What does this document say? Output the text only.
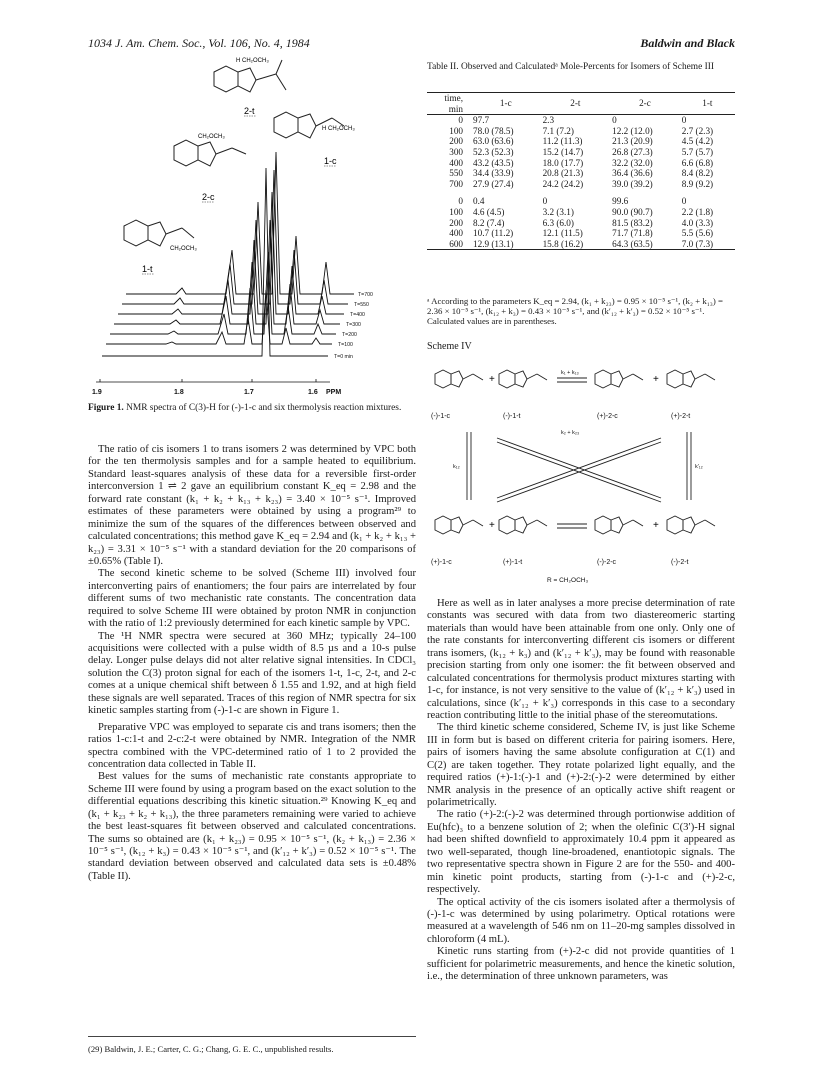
1034 J. Am. Chem. Soc., Vol. 106, No. 4, 1984	Baldwin and Black
H CH₂OCH₃
2-t
H CH₂OCH₃
1-c
CH₂OCH₃
2-c
CH₂OCH₃
1-t
T=700
T=550
T=400
T=300
T=200
T=100
T=0 min
1.9	1.8	1.7	1.6 PPM
Figure 1. NMR spectra of C(3)-H for (-)-1-c and six thermolysis reaction mixtures.

The ratio of cis isomers 1 to trans isomers 2 was determined by VPC both for the ten thermolysis samples and for a sample heated to equilibrium. Standard least-squares analysis of these data for a reversible first-order interconversion 1 ⇌ 2 gave an equilibrium constant K_eq = 2.98 and the forward rate constant (k₁ + k₂ + k₁₃ + k₂₃) = 3.40 × 10⁻⁵ s⁻¹. Improved estimates of these parameters were obtained by using a program²⁹ to minimize the sum of the squares of the differences between observed and calculated concentrations; this method gave K_eq = 2.94 and (k₁ + k₂ + k₁₃ + k₂₃) = 3.31 × 10⁻⁵ s⁻¹ with a standard deviation for the 20 comparisons of ±0.65% (Table I).

The second kinetic scheme to be solved (Scheme III) involved four interconverting pairs of enantiomers; the four pairs are interrelated by four different sums of two mechanistic rate constants. The concentration data required to solve Scheme III were obtained by proton NMR in conjunction with the ratio of 1:2 previously determined for each kinetic sample by VPC.

The ¹H NMR spectra were secured at 360 MHz; typically 24–100 acquisitions were collected with a pulse width of 8.5 µs and a 10-s pulse delay. Longer pulse delays did not alter relative signal intensities. In CDCl₃ solution the C(3) proton signal for each of the isomers 1-t, 1-c, 2-t, and 2-c comes at a unique chemical shift between δ 1.55 and 1.92, and at high field these signals are well separated. Traces of this region of NMR spectra for six kinetic samples starting from (-)-1-c are shown in Figure 1.

Preparative VPC was employed to separate cis and trans isomers; then the ratios 1-c:1-t and 2-c:2-t were obtained by NMR. Integration of the NMR spectra combined with the VPC-determined ratio of 1 to 2 provided the concentration data collected in Table II.

Best values for the sums of mechanistic rate constants appropriate to Scheme III were found by using a program based on the exact solution to the differential equations describing this kinetic situation.²⁹ Knowing K_eq and (k₁ + k₂₃ + k₂ + k₁₃), the three parameters remaining were varied to achieve the best least-squares fit between observed and calculated concentrations. The sums so obtained are (k₁ + k₂₃) = 0.95 × 10⁻⁵ s⁻¹, (k₂ + k₁₃) = 2.36 × 10⁻⁵ s⁻¹, (k₁₂ + k₃) = 0.43 × 10⁻⁵ s⁻¹, and (k′₁₂ + k′₃) = 0.52 × 10⁻⁵ s⁻¹. The standard deviation between observed and calculated data sets is ±0.48% (Table II).

(29) Baldwin, J. E.; Carter, C. G.; Chang, G. E. C., unpublished results.
Table II. Observed and Calculatedᵃ Mole-Percents for Isomers of Scheme III
time, min	1-c	2-t	2-c	1-t
0	97.7	2.3	0	0
100	78.0 (78.5)	7.1 (7.2)	12.2 (12.0)	2.7 (2.3)
200	63.0 (63.6)	11.2 (11.3)	21.3 (20.9)	4.5 (4.2)
300	52.3 (52.3)	15.2 (14.7)	26.8 (27.3)	5.7 (5.7)
400	43.2 (43.5)	18.0 (17.7)	32.2 (32.0)	6.6 (6.8)
550	34.4 (33.9)	20.8 (21.3)	36.4 (36.6)	8.4 (8.2)
700	27.9 (27.4)	24.2 (24.2)	39.0 (39.2)	8.9 (9.2)

0	0.4	0	99.6	0
100	4.6 (4.5)	3.2 (3.1)	90.0 (90.7)	2.2 (1.8)
200	8.2 (7.4)	6.3 (6.0)	81.5 (83.2)	4.0 (3.3)
400	10.7 (11.2)	12.1 (11.5)	71.7 (71.8)	5.5 (5.6)
600	12.9 (13.1)	15.8 (16.2)	64.3 (63.5)	7.0 (7.3)
ᵃ According to the parameters K_eq = 2.94, (k₁ + k₂₃) = 0.95 × 10⁻⁵ s⁻¹, (k₂ + k₁₃) = 2.36 × 10⁻⁵ s⁻¹, (k₁₂ + k₃) = 0.43 × 10⁻⁵ s⁻¹, and (k′₁₂ + k′₃) = 0.52 × 10⁻⁵ s⁻¹. Calculated values are in parentheses.
Scheme IV
+	+
+	+
k₁ + k₁₃
k₂ + k₂₃
k₁₂	k′₁₂
(-)-1-c	(-)-1-t	(+)-2-c	(+)-2-t
(+)-1-c	(+)-1-t	(-)-2-c	(-)-2-t
R = CH₂OCH₃

Here as well as in later analyses a more precise determination of rate constants was secured with data from two diastereomeric starting materials than would have been attainable from one only. Only one of the rate constants for interconverting different cis isomers or different trans isomers, (k₁₂ + k₃) and (k′₁₂ + k′₃), may be found with reasonable precision starting from only one isomer: the fit between observed and calculated concentrations for thermolysis product mixtures starting with 1-c, for instance, is not very sensitive to the value of (k′₁₂ + k′₃) used in calculations, since (k′₁₂ + k′₃) corresponds in this case to a secondary reaction contributing little to the initial phase of the stereomutations.

The third kinetic scheme considered, Scheme IV, is just like Scheme III in form but is based on different criteria for pairing isomers. Here, pairs of isomers having the same absolute configuration at C(1) and C(2) are taken together. They rotate polarized light equally, and the required ratios (+)-1:(-)-1 and (+)-2:(-)-2 were determined by either NMR analysis in the presence of an optically active shift reagent or polarimetrically.

The ratio (+)-2:(-)-2 was determined through portionwise addition of Eu(hfc)₃ to a benzene solution of 2; when the olefinic C(3′)-H signal had been shifted downfield to approximately 10.4 ppm it appeared as two well-separated, though line-broadened, enantiotopic signals. The two representative spectra shown in Figure 2 are for the 550- and 400-min kinetic point products, starting from (-)-1-c and (+)-2-c, respectively.

The optical activity of the cis isomers isolated after a thermolysis of (-)-1-c was determined by using polarimetry. Optical rotations were measured at a wavelength of 546 nm on 11–20-mg samples dissolved in chloroform (4 mL).

Kinetic runs starting from (+)-2-c did not provide quantities of 1 sufficient for polarimetric measurements, and hence the kinetic solution, i.e., the determination of three unknown parameters, was
